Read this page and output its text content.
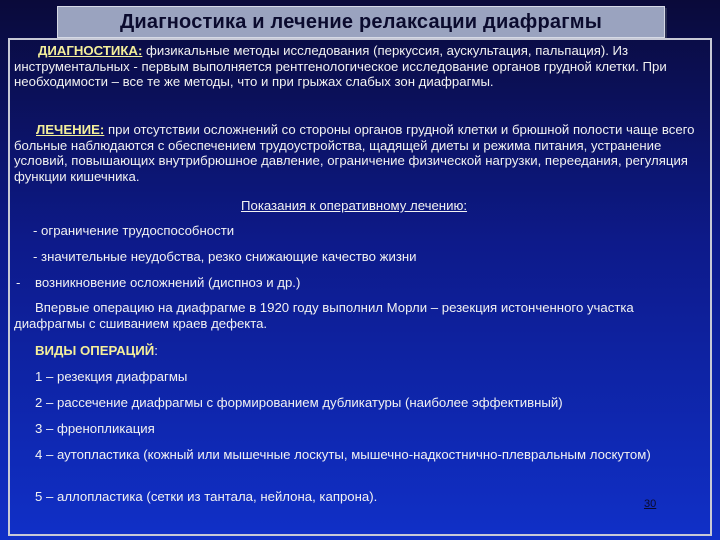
Диагностика и лечение релаксации диафрагмы

ДИАГНОСТИКА: физикальные методы исследования (перкуссия, аускультация, пальпация). Из инструментальных - первым выполняется рентгенологическое исследование органов грудной клетки. При необходимости – все те же методы, что и при грыжах слабых зон диафрагмы.

ЛЕЧЕНИЕ: при отсутствии осложнений со стороны органов грудной клетки и брюшной полости чаще всего больные наблюдаются с обеспечением трудоустройства, щадящей диеты и режима питания, устранение условий, повышающих внутрибрюшное давление, ограничение физической нагрузки, переедания, регуляция функции кишечника.

Показания к оперативному лечению:

- ограничение трудоспособности

- значительные неудобства, резко снижающие качество жизни

- возникновение осложнений (диспноэ и др.)

Впервые операцию на диафрагме в 1920 году выполнил Морли – резекция истонченного участка диафрагмы с сшиванием краев дефекта.

ВИДЫ ОПЕРАЦИЙ:

1 – резекция диафрагмы

2 – рассечение диафрагмы с формированием дубликатуры (наиболее эффективный)

3 – френопликация

4 – аутопластика (кожный или мышечные лоскуты, мышечно-надкостнично-плевральным лоскутом)

5 – аллопластика (сетки из тантала, нейлона, капрона).	30
